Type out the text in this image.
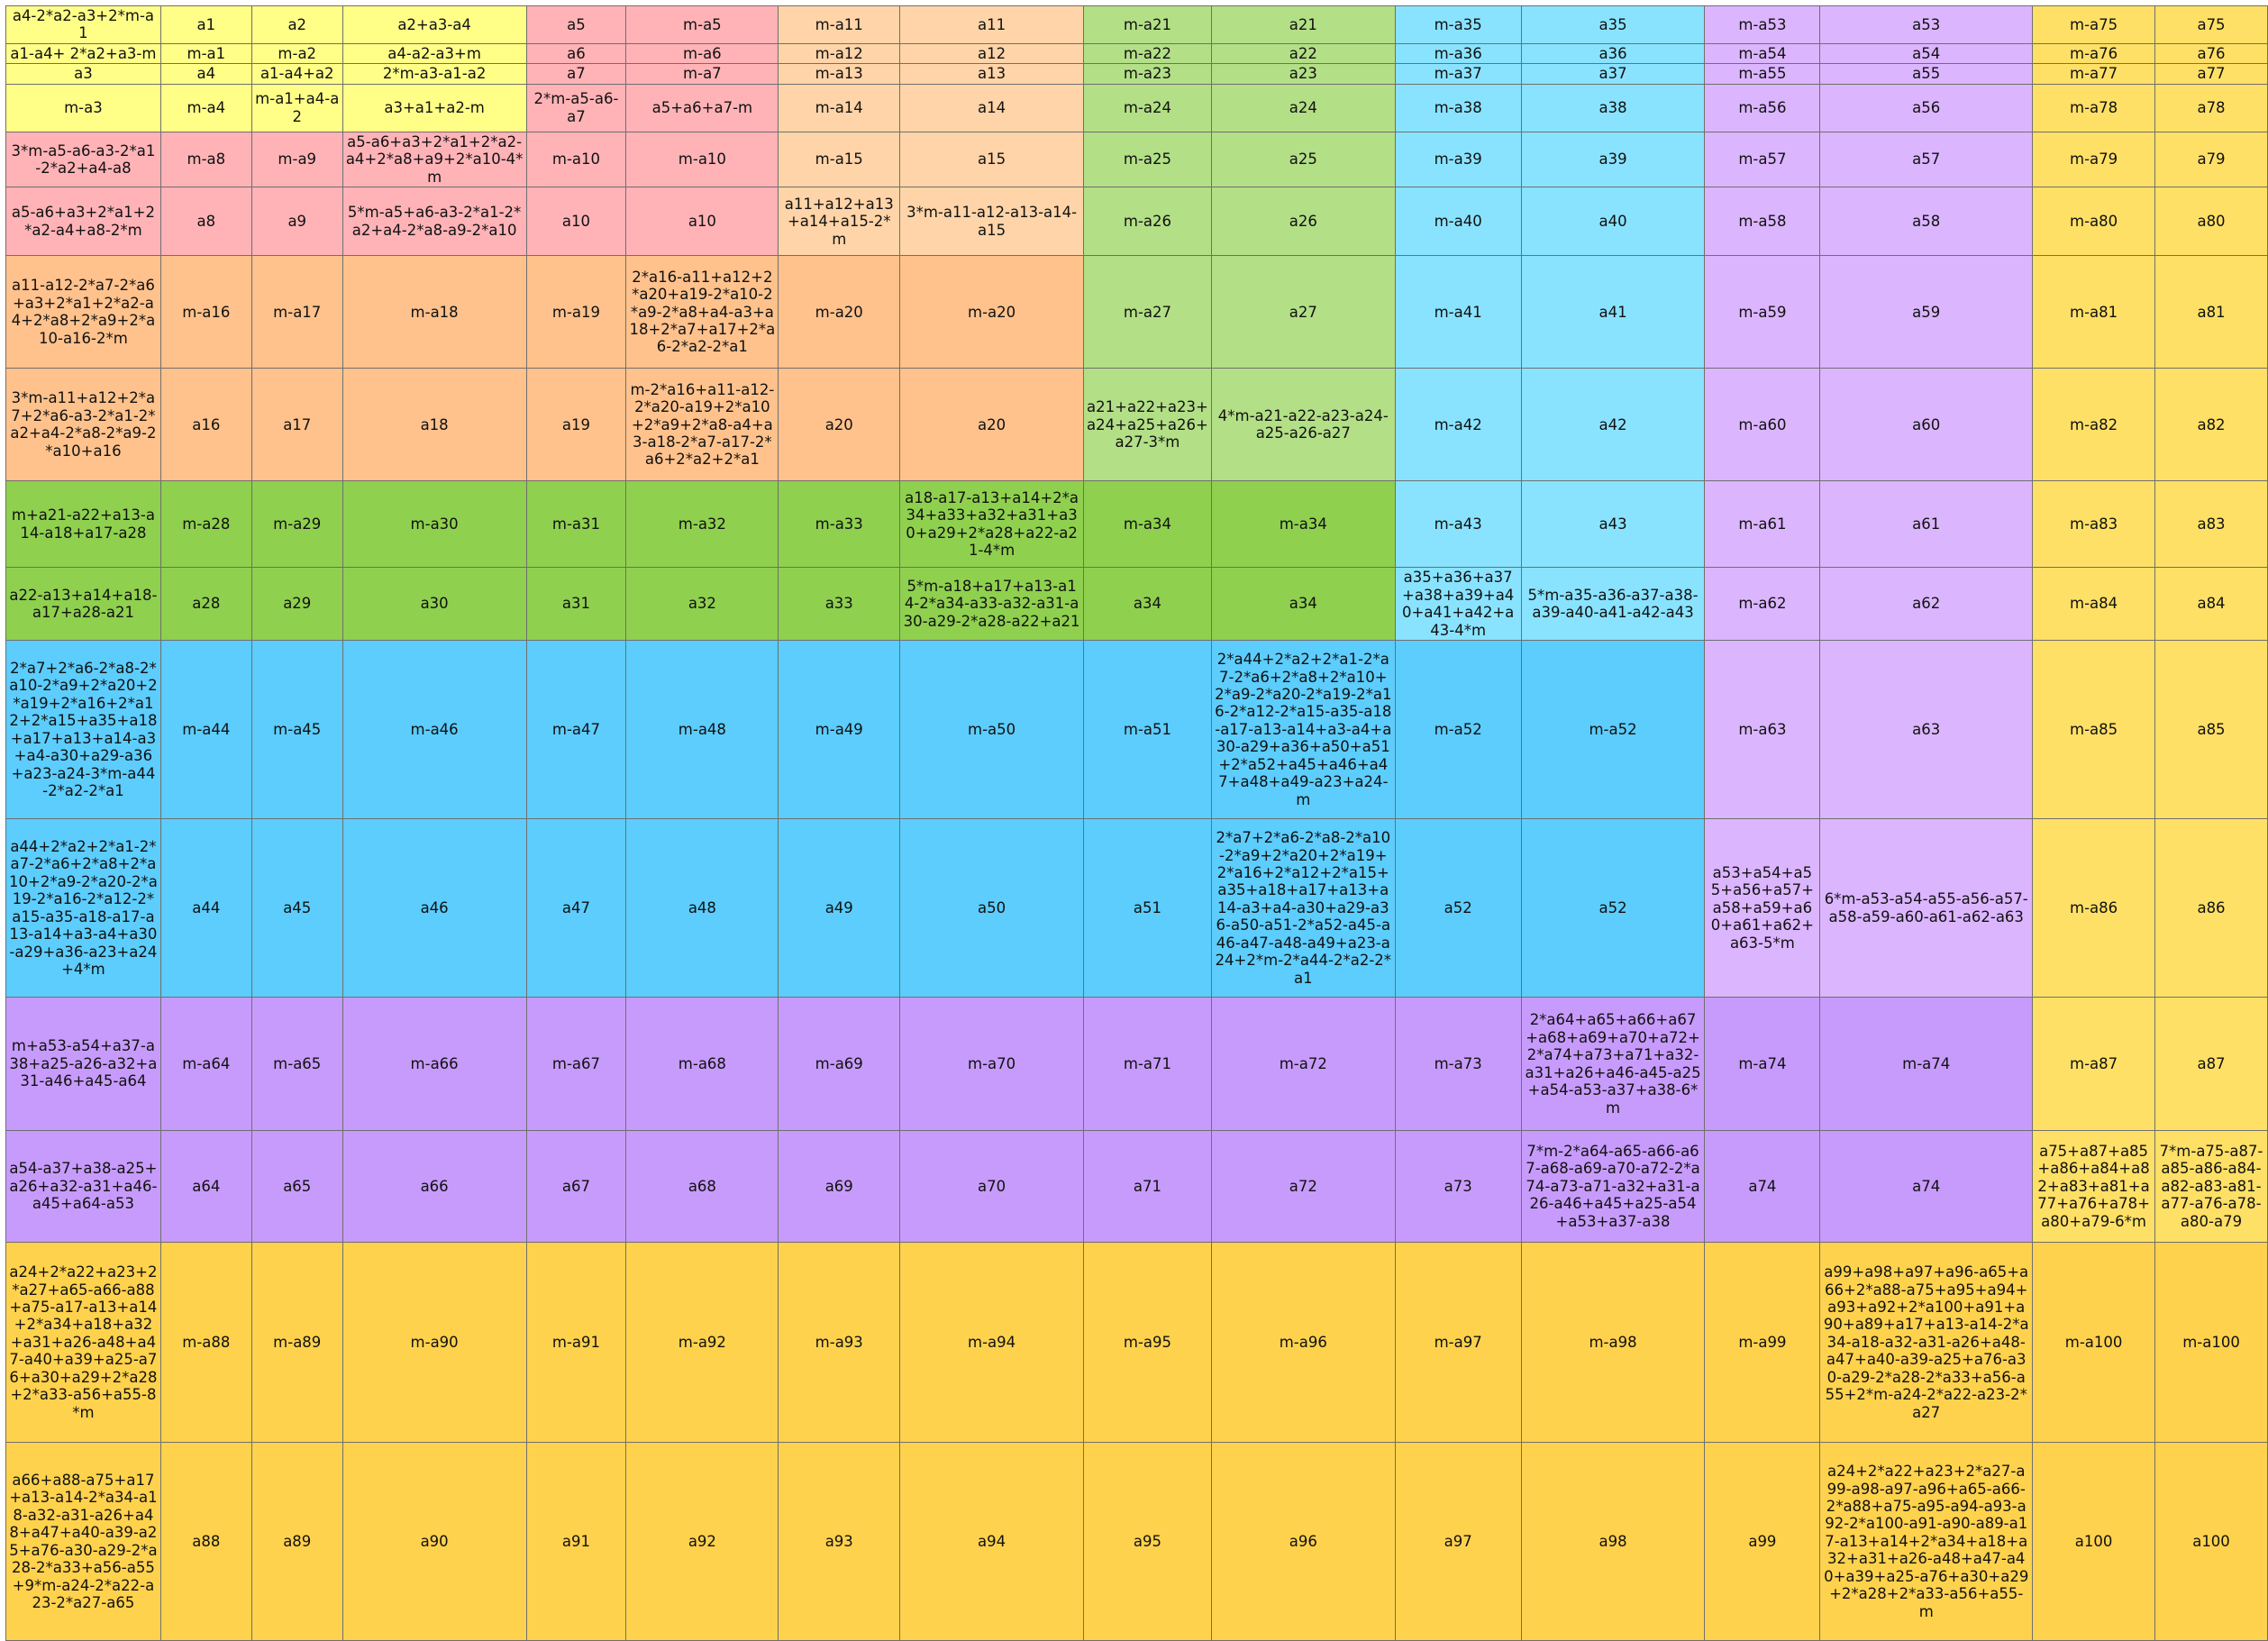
a4-2*a2-a3+2*m-a1	a1	a2	a2+a3-a4	a5	m-a5	m-a11	a11	m-a21	a21	m-a35	a35	m-a53	a53	m-a75	a75
a1-a4+ 2*a2+a3-m	m-a1	m-a2	a4-a2-a3+m	a6	m-a6	m-a12	a12	m-a22	a22	m-a36	a36	m-a54	a54	m-a76	a76
a3	a4	a1-a4+a2	2*m-a3-a1-a2	a7	m-a7	m-a13	a13	m-a23	a23	m-a37	a37	m-a55	a55	m-a77	a77
m-a3	m-a4	m-a1+a4-a2	a3+a1+a2-m	2*m-a5-a6-a7	a5+a6+a7-m	m-a14	a14	m-a24	a24	m-a38	a38	m-a56	a56	m-a78	a78
3*m-a5-a6-a3-2*a1-2*a2+a4-a8	m-a8	m-a9	a5-a6+a3+2*a1+2*a2-a4+2*a8+a9+2*a10-4*m	m-a10	m-a10	m-a15	a15	m-a25	a25	m-a39	a39	m-a57	a57	m-a79	a79
a5-a6+a3+2*a1+2*a2-a4+a8-2*m	a8	a9	5*m-a5+a6-a3-2*a1-2*a2+a4-2*a8-a9-2*a10	a10	a10	a11+a12+a13+a14+a15-2*m	3*m-a11-a12-a13-a14-a15	m-a26	a26	m-a40	a40	m-a58	a58	m-a80	a80
a11-a12-2*a7-2*a6+a3+2*a1+2*a2-a4+2*a8+2*a9+2*a10-a16-2*m	m-a16	m-a17	m-a18	m-a19	2*a16-a11+a12+2*a20+a19-2*a10-2*a9-2*a8+a4-a3+a18+2*a7+a17+2*a6-2*a2-2*a1	m-a20	m-a20	m-a27	a27	m-a41	a41	m-a59	a59	m-a81	a81
3*m-a11+a12+2*a7+2*a6-a3-2*a1-2*a2+a4-2*a8-2*a9-2*a10+a16	a16	a17	a18	a19	m-2*a16+a11-a12-2*a20-a19+2*a10+2*a9+2*a8-a4+a3-a18-2*a7-a17-2*a6+2*a2+2*a1	a20	a20	a21+a22+a23+a24+a25+a26+a27-3*m	4*m-a21-a22-a23-a24-a25-a26-a27	m-a42	a42	m-a60	a60	m-a82	a82
m+a21-a22+a13-a14-a18+a17-a28	m-a28	m-a29	m-a30	m-a31	m-a32	m-a33	a18-a17-a13+a14+2*a34+a33+a32+a31+a30+a29+2*a28+a22-a21-4*m	m-a34	m-a34	m-a43	a43	m-a61	a61	m-a83	a83
a22-a13+a14+a18-a17+a28-a21	a28	a29	a30	a31	a32	a33	5*m-a18+a17+a13-a14-2*a34-a33-a32-a31-a30-a29-2*a28-a22+a21	a34	a34	a35+a36+a37+a38+a39+a40+a41+a42+a43-4*m	5*m-a35-a36-a37-a38-a39-a40-a41-a42-a43	m-a62	a62	m-a84	a84
2*a7+2*a6-2*a8-2*a10-2*a9+2*a20+2*a19+2*a16+2*a12+2*a15+a35+a18+a17+a13+a14-a3+a4-a30+a29-a36+a23-a24-3*m-a44-2*a2-2*a1	m-a44	m-a45	m-a46	m-a47	m-a48	m-a49	m-a50	m-a51	2*a44+2*a2+2*a1-2*a7-2*a6+2*a8+2*a10+2*a9-2*a20-2*a19-2*a16-2*a12-2*a15-a35-a18-a17-a13-a14+a3-a4+a30-a29+a36+a50+a51+2*a52+a45+a46+a47+a48+a49-a23+a24-m	m-a52	m-a52	m-a63	a63	m-a85	a85
a44+2*a2+2*a1-2*a7-2*a6+2*a8+2*a10+2*a9-2*a20-2*a19-2*a16-2*a12-2*a15-a35-a18-a17-a13-a14+a3-a4+a30-a29+a36-a23+a24+4*m	a44	a45	a46	a47	a48	a49	a50	a51	2*a7+2*a6-2*a8-2*a10-2*a9+2*a20+2*a19+2*a16+2*a12+2*a15+a35+a18+a17+a13+a14-a3+a4-a30+a29-a36-a50-a51-2*a52-a45-a46-a47-a48-a49+a23-a24+2*m-2*a44-2*a2-2*a1	a52	a52	a53+a54+a55+a56+a57+a58+a59+a60+a61+a62+a63-5*m	6*m-a53-a54-a55-a56-a57-a58-a59-a60-a61-a62-a63	m-a86	a86
m+a53-a54+a37-a38+a25-a26-a32+a31-a46+a45-a64	m-a64	m-a65	m-a66	m-a67	m-a68	m-a69	m-a70	m-a71	m-a72	m-a73	2*a64+a65+a66+a67+a68+a69+a70+a72+2*a74+a73+a71+a32-a31+a26+a46-a45-a25+a54-a53-a37+a38-6*m	m-a74	m-a74	m-a87	a87
a54-a37+a38-a25+a26+a32-a31+a46-a45+a64-a53	a64	a65	a66	a67	a68	a69	a70	a71	a72	a73	7*m-2*a64-a65-a66-a67-a68-a69-a70-a72-2*a74-a73-a71-a32+a31-a26-a46+a45+a25-a54+a53+a37-a38	a74	a74	a75+a87+a85+a86+a84+a82+a83+a81+a77+a76+a78+a80+a79-6*m	7*m-a75-a87-a85-a86-a84-a82-a83-a81-a77-a76-a78-a80-a79
a24+2*a22+a23+2*a27+a65-a66-a88+a75-a17-a13+a14+2*a34+a18+a32+a31+a26-a48+a47-a40+a39+a25-a76+a30+a29+2*a28+2*a33-a56+a55-8*m	m-a88	m-a89	m-a90	m-a91	m-a92	m-a93	m-a94	m-a95	m-a96	m-a97	m-a98	m-a99	a99+a98+a97+a96-a65+a66+2*a88-a75+a95+a94+a93+a92+2*a100+a91+a90+a89+a17+a13-a14-2*a34-a18-a32-a31-a26+a48-a47+a40-a39-a25+a76-a30-a29-2*a28-2*a33+a56-a55+2*m-a24-2*a22-a23-2*a27	m-a100	m-a100
a66+a88-a75+a17+a13-a14-2*a34-a18-a32-a31-a26+a48+a47+a40-a39-a25+a76-a30-a29-2*a28-2*a33+a56-a55+9*m-a24-2*a22-a23-2*a27-a65	a88	a89	a90	a91	a92	a93	a94	a95	a96	a97	a98	a99	a24+2*a22+a23+2*a27-a99-a98-a97-a96+a65-a66-2*a88+a75-a95-a94-a93-a92-2*a100-a91-a90-a89-a17-a13+a14+2*a34+a18+a32+a31+a26-a48+a47-a40+a39+a25-a76+a30+a29+2*a28+2*a33-a56+a55-m	a100	a100
